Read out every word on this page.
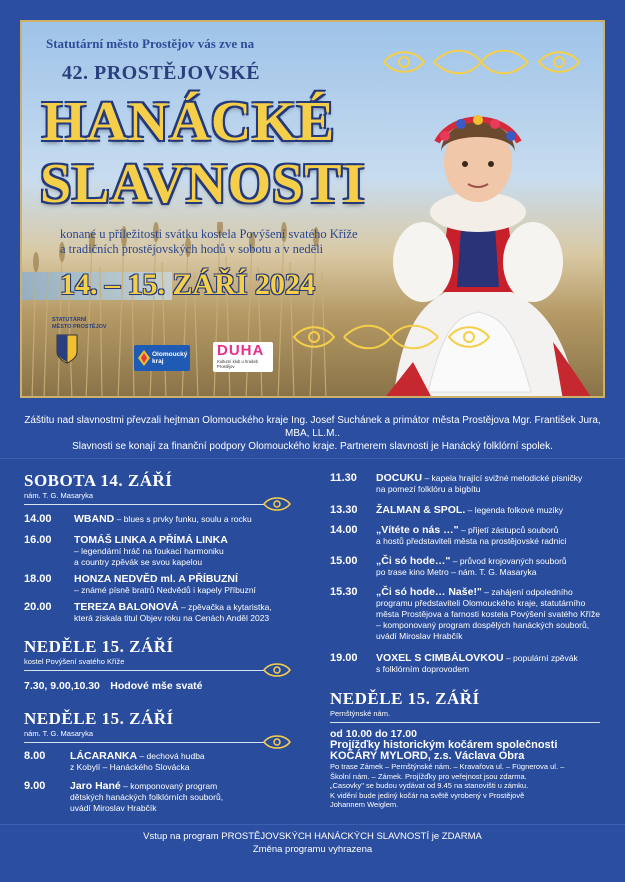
Statutární město Prostějov vás zve na
42. PROSTĚJOVSKÉ
HANÁCKÉ
SLAVNOSTI
konané u příležitosti svátku kostela Povýšení svatého Kříže
a tradičních prostějovských hodů v sobotu a v neděli
14. – 15. ZÁŘÍ 2024
STATUTÁRNÍ
MĚSTO PROSTĚJOV
Olomoucký kraj
DUHA
Kulturní klub u hradeb Prostějov
Záštitu nad slavnostmi převzali hejtman Olomouckého kraje Ing. Josef Suchánek a primátor města Prostějova Mgr. František Jura, MBA, LL.M..
Slavnosti se konají za finanční podpory Olomouckého kraje. Partnerem slavnosti je Hanácký folklórní spolek.
SOBOTA 14. ZÁŘÍ
nám. T. G. Masaryka
14.00 WBAND – blues s prvky funku, soulu a rocku
16.00 TOMÁŠ LINKA A PŘÍMÁ LINKA
– legendární hráč na foukací harmoniku
a country zpěvák se svou kapelou
18.00 HONZA NEDVĚD ml. A PŘÍBUZNÍ
– známé písně bratrů Nedvědů i kapely Příbuzní
20.00 TEREZA BALONOVÁ – zpěvačka a kytaristka,
která získala titul Objev roku na Cenách Anděl 2023
NEDĚLE 15. ZÁŘÍ
kostel Povýšení svatého Kříže
7.30, 9.00,10.30 Hodové mše svaté
NEDĚLE 15. ZÁŘÍ
nám. T. G. Masaryka
8.00 LÁCARANKA – dechová hudba
z Kobylí – Hanáckého Slovácka
9.00 Jaro Hané – komponovaný program
dětských hanáckých folklórních souborů,
uvádí Miroslav Hrabčík
11.30 DOCUKU – kapela hrající svižné melodické písničky
na pomezí folklóru a bigbítu
13.30 ŽALMAN & SPOL. – legenda folkové muziky
14.00 „Vítéte o nás …" – přijetí zástupců souborů
a hostů představiteli města na prostějovské radnici
15.00 „Či só hode…" – průvod krojovaných souborů
po trase kino Metro – nám. T. G. Masaryka
15.30 „Či só hode… Naše!" – zahájení odpoledního
programu představiteli Olomouckého kraje, statutárního města Prostějova a farnosti kostela Povýšení svatého Kříže
– komponovaný program dospělých hanáckých souborů,
uvádí Miroslav Hrabčík
19.00 VOXEL S CIMBÁLOVKOU – populární zpěvák
s folklórním doprovodem
NEDĚLE 15. ZÁŘÍ
Pernštýnské nám.
od 10.00 do 17.00
Projížďky historickým kočárem společnosti
KOČÁRY MYLORD, z.s. Václava Obra
Po trase Zámek – Pernštýnské nám. – Kravařova ul. – Fügnerova ul. –
Školní nám. – Zámek. Projížďky pro veřejnost jsou zdarma.
„Casovky" se budou vydávat od 9.45 na stanovišti u zámku.
K vidění bude jediný kočár na světě vyrobený v Prostějově
Johannem Weiglem.
Vstup na program PROSTĚJOVSKÝCH HANÁCKÝCH SLAVNOSTÍ je ZDARMA
Změna programu vyhrazena
